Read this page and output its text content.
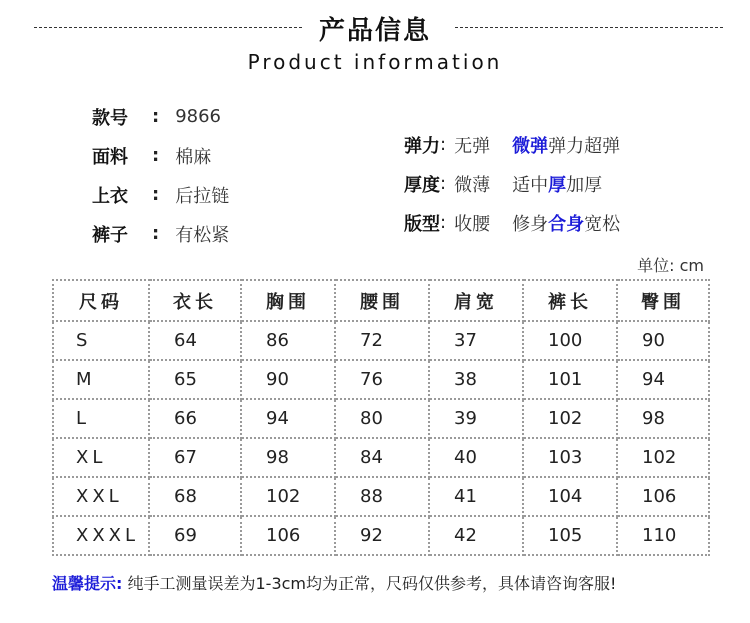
产品信息
Product information
款号	: 9866
面料	: 棉麻
上衣	: 后拉链
裤子	: 有松紧
弹力 : 无弹	微弹 弹力 超弹
厚度 : 微薄	适中 厚 加厚
版型 : 收腰	修身 合身 宽松
单位: cm
尺码	衣长	胸围	腰围	肩宽	裤长	臀围
S	64	86	72	37	100	90
M	65	90	76	38	101	94
L	66	94	80	39	102	98
XL	67	98	84	40	103	102
XXL	68	102	88	41	104	106
XXXL	69	106	92	42	105	110
温馨提示: 纯手工测量误差为1-3cm均为正常，尺码仅供参考，具体请咨询客服!
